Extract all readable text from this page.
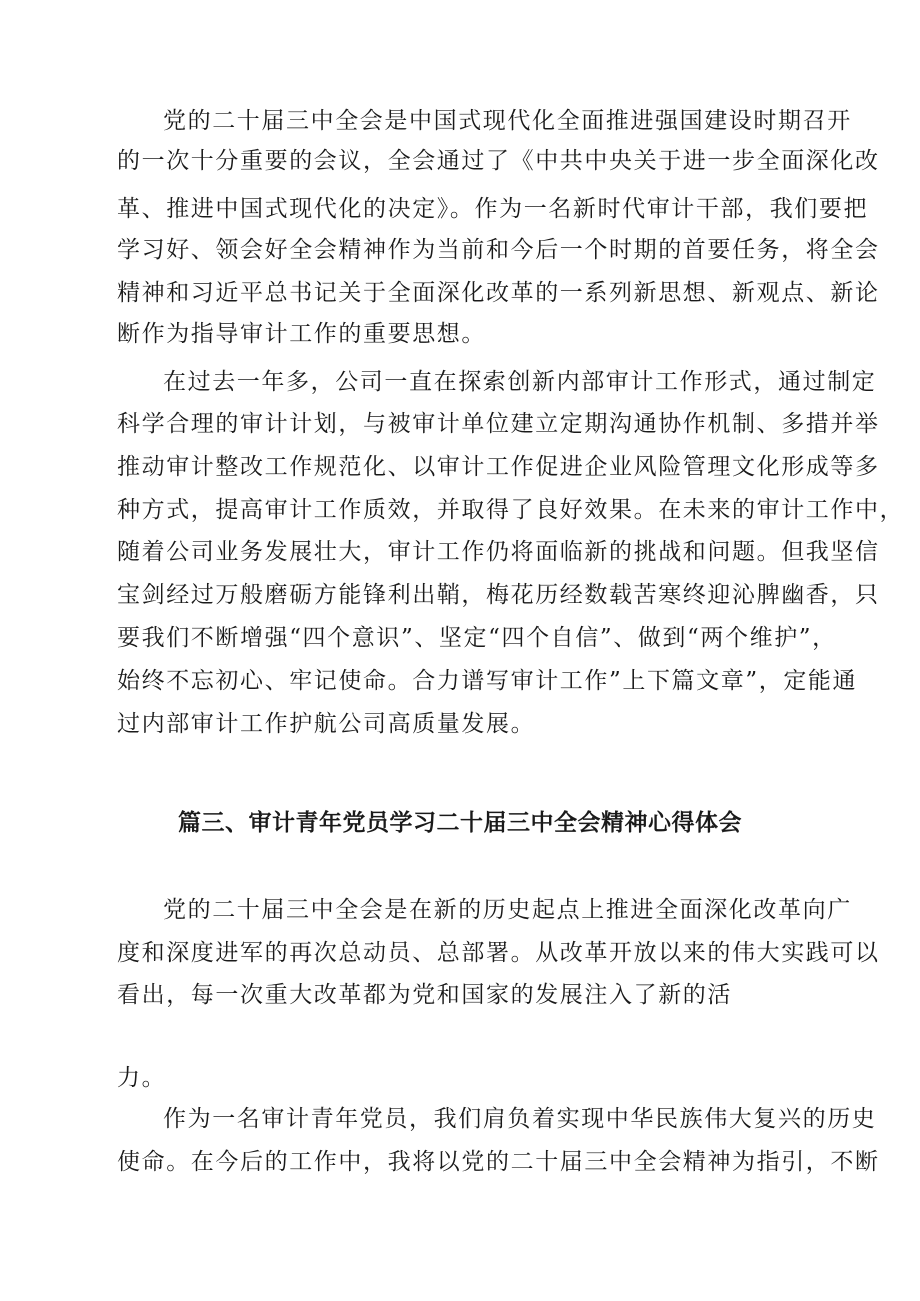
党的二十届三中全会是中国式现代化全面推进强国建设时期召开
的一次十分重要的会议，全会通过了《中共中央关于进一步全面深化改
革、推进中国式现代化的决定》。作为一名新时代审计干部，我们要把
学习好、领会好全会精神作为当前和今后一个时期的首要任务，将全会
精神和习近平总书记关于全面深化改革的一系列新思想、新观点、新论
断作为指导审计工作的重要思想。
在过去一年多，公司一直在探索创新内部审计工作形式，通过制定
科学合理的审计计划，与被审计单位建立定期沟通协作机制、多措并举
推动审计整改工作规范化、以审计工作促进企业风险管理文化形成等多
种方式，提高审计工作质效，并取得了良好效果。在未来的审计工作中，
随着公司业务发展壮大，审计工作仍将面临新的挑战和问题。但我坚信
宝剑经过万般磨砺方能锋利出鞘，梅花历经数载苦寒终迎沁脾幽香，只
要我们不断增强“四个意识”、坚定“四个自信”、做到“两个维护”，
始终不忘初心、牢记使命。合力谱写审计工作”上下篇文章”，定能通
过内部审计工作护航公司高质量发展。
篇三、审计青年党员学习二十届三中全会精神心得体会
党的二十届三中全会是在新的历史起点上推进全面深化改革向广
度和深度进军的再次总动员、总部署。从改革开放以来的伟大实践可以
看出，每一次重大改革都为党和国家的发展注入了新的活
力。
作为一名审计青年党员，我们肩负着实现中华民族伟大复兴的历史
使命。在今后的工作中，我将以党的二十届三中全会精神为指引，不断
